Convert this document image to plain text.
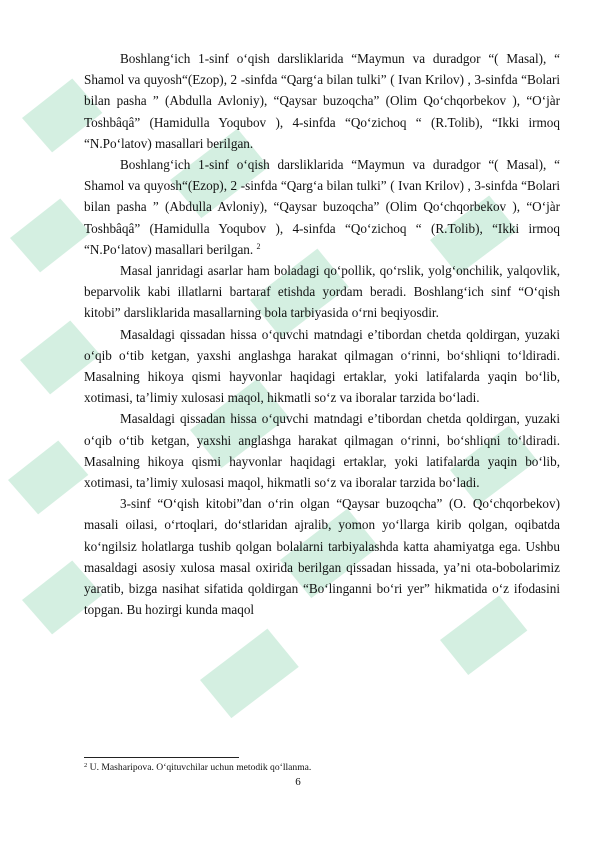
Boshlang‘ich 1-sinf o‘qish darsliklarida “Maymun va duradgor “( Masal), “ Shamol va quyosh“(Ezop), 2 -sinfda “Qarg‘a bilan tulki” ( Ivan Krilov) , 3-sinfda “Bolari bilan pasha ” (Abdulla Avloniy), “Qaysar buzoqcha” (Olim Qo‘chqorbekov ), “O‘jàr Toshbâqâ” (Hamidulla Yoqubov ), 4-sinfda “Qo‘zichoq “ (R.Tolib), “Ikki irmoq “N.Po‘latov) masallari berilgan.

Boshlang‘ich 1-sinf o‘qish darsliklarida “Maymun va duradgor “( Masal), “ Shamol va quyosh“(Ezop), 2 -sinfda “Qarg‘a bilan tulki” ( Ivan Krilov) , 3-sinfda “Bolari bilan pasha ” (Abdulla Avloniy), “Qaysar buzoqcha” (Olim Qo‘chqorbekov ), “O‘jàr Toshbâqâ” (Hamidulla Yoqubov ), 4-sinfda “Qo‘zichoq “ (R.Tolib), “Ikki irmoq “N.Po‘latov) masallari berilgan. $^2$

Masal janridagi asarlar ham boladagi qo‘pollik, qo‘rslik, yolg‘onchilik, yalqovlik, beparvolik kabi illatlarni bartaraf etishda yordam beradi. Boshlang‘ich sinf “O‘qish kitobi” darsliklarida masallarning bola tarbiyasida o‘rni beqiyosdir.

Masaldagi qissadan hissa o‘quvchi matndagi e’tibordan chetda qoldirgan, yuzaki o‘qib o‘tib ketgan, yaxshi anglashga harakat qilmagan o‘rinni, bo‘shliqni to‘ldiradi. Masalning hikoya qismi hayvonlar haqidagi ertaklar, yoki latifalarda yaqin bo‘lib, xotimasi, ta’limiy xulosasi maqol, hikmatli so‘z va iboralar tarzida bo‘ladi.

Masaldagi qissadan hissa o‘quvchi matndagi e’tibordan chetda qoldirgan, yuzaki o‘qib o‘tib ketgan, yaxshi anglashga harakat qilmagan o‘rinni, bo‘shliqni to‘ldiradi. Masalning hikoya qismi hayvonlar haqidagi ertaklar, yoki latifalarda yaqin bo‘lib, xotimasi, ta’limiy xulosasi maqol, hikmatli so‘z va iboralar tarzida bo‘ladi.

3-sinf “O‘qish kitobi”dan o‘rin olgan “Qaysar buzoqcha” (O. Qo‘chqorbekov) masali oilasi, o‘rtoqlari, do‘stlaridan ajralib, yomon yo‘llarga kirib qolgan, oqibatda ko‘ngilsiz holatlarga tushib qolgan bolalarni tarbiyalashda katta ahamiyatga ega. Ushbu masaldagi asosiy xulosa masal oxirida berilgan qissadan hissada, ya’ni ota-bobolarimiz yaratib, bizga nasihat sifatida qoldirgan “Bo‘linganni bo‘ri yer” hikmatida o‘z ifodasini topgan. Bu hozirgi kunda maqol

$^2$ U. Masharipova. O‘qituvchilar uchun metodik qo‘llanma.
6
